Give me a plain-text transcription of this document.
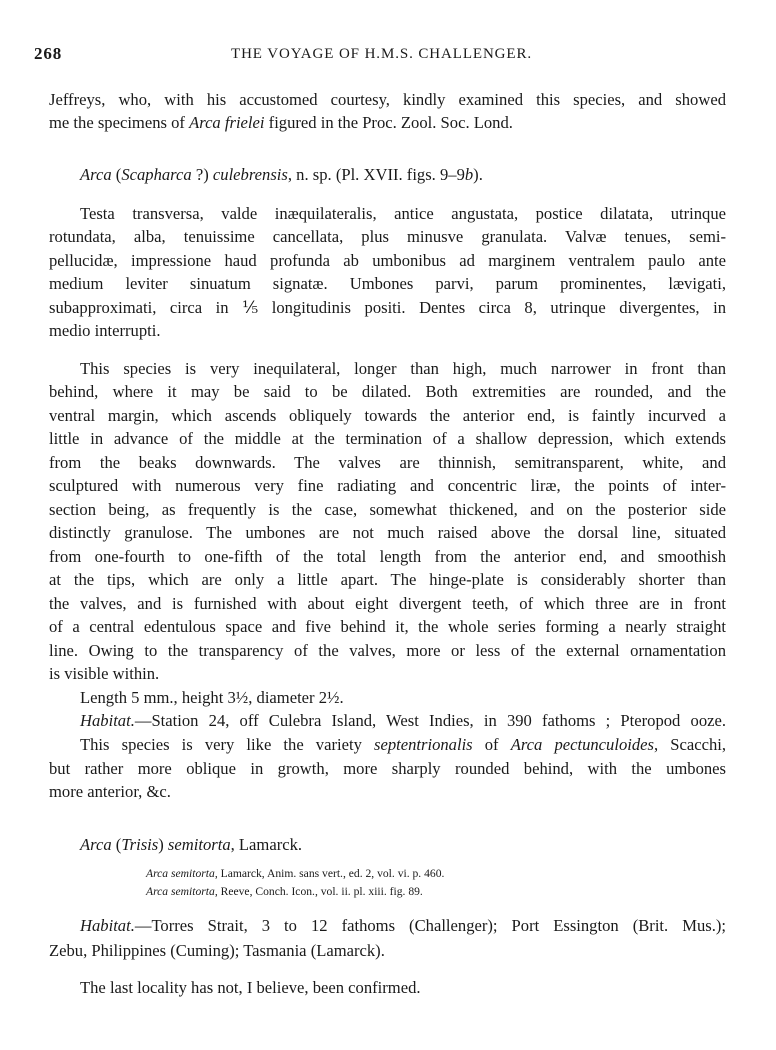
268	THE VOYAGE OF H.M.S. CHALLENGER.
Jeffreys, who, with his accustomed courtesy, kindly examined this species, and showed
me the specimens of Arca frielei figured in the Proc. Zool. Soc. Lond.
Arca (Scapharca ?) culebrensis, n. sp. (Pl. XVII. figs. 9–9b).
Testa transversa, valde inæquilateralis, antice angustata, postice dilatata, utrinque
rotundata, alba, tenuissime cancellata, plus minusve granulata. Valvæ tenues, semi-
pellucidæ, impressione haud profunda ab umbonibus ad marginem ventralem paulo ante
medium leviter sinuatum signatæ. Umbones parvi, parum prominentes, lævigati,
subapproximati, circa in ⅕ longitudinis positi. Dentes circa 8, utrinque divergentes, in
medio interrupti.
This species is very inequilateral, longer than high, much narrower in front than
behind, where it may be said to be dilated. Both extremities are rounded, and the
ventral margin, which ascends obliquely towards the anterior end, is faintly incurved a
little in advance of the middle at the termination of a shallow depression, which extends
from the beaks downwards. The valves are thinnish, semitransparent, white, and
sculptured with numerous very fine radiating and concentric liræ, the points of inter-
section being, as frequently is the case, somewhat thickened, and on the posterior side
distinctly granulose. The umbones are not much raised above the dorsal line, situated
from one-fourth to one-fifth of the total length from the anterior end, and smoothish
at the tips, which are only a little apart. The hinge-plate is considerably shorter than
the valves, and is furnished with about eight divergent teeth, of which three are in front
of a central edentulous space and five behind it, the whole series forming a nearly straight
line. Owing to the transparency of the valves, more or less of the external ornamentation
is visible within.
Length 5 mm., height 3½, diameter 2½.
Habitat.—Station 24, off Culebra Island, West Indies, in 390 fathoms ; Pteropod ooze.
This species is very like the variety septentrionalis of Arca pectunculoides, Scacchi,
but rather more oblique in growth, more sharply rounded behind, with the umbones
more anterior, &c.
Arca (Trisis) semitorta, Lamarck.
Arca semitorta, Lamarck, Anim. sans vert., ed. 2, vol. vi. p. 460.
Arca semitorta, Reeve, Conch. Icon., vol. ii. pl. xiii. fig. 89.
Habitat.—Torres Strait, 3 to 12 fathoms (Challenger); Port Essington (Brit. Mus.);
Zebu, Philippines (Cuming); Tasmania (Lamarck).
The last locality has not, I believe, been confirmed.
